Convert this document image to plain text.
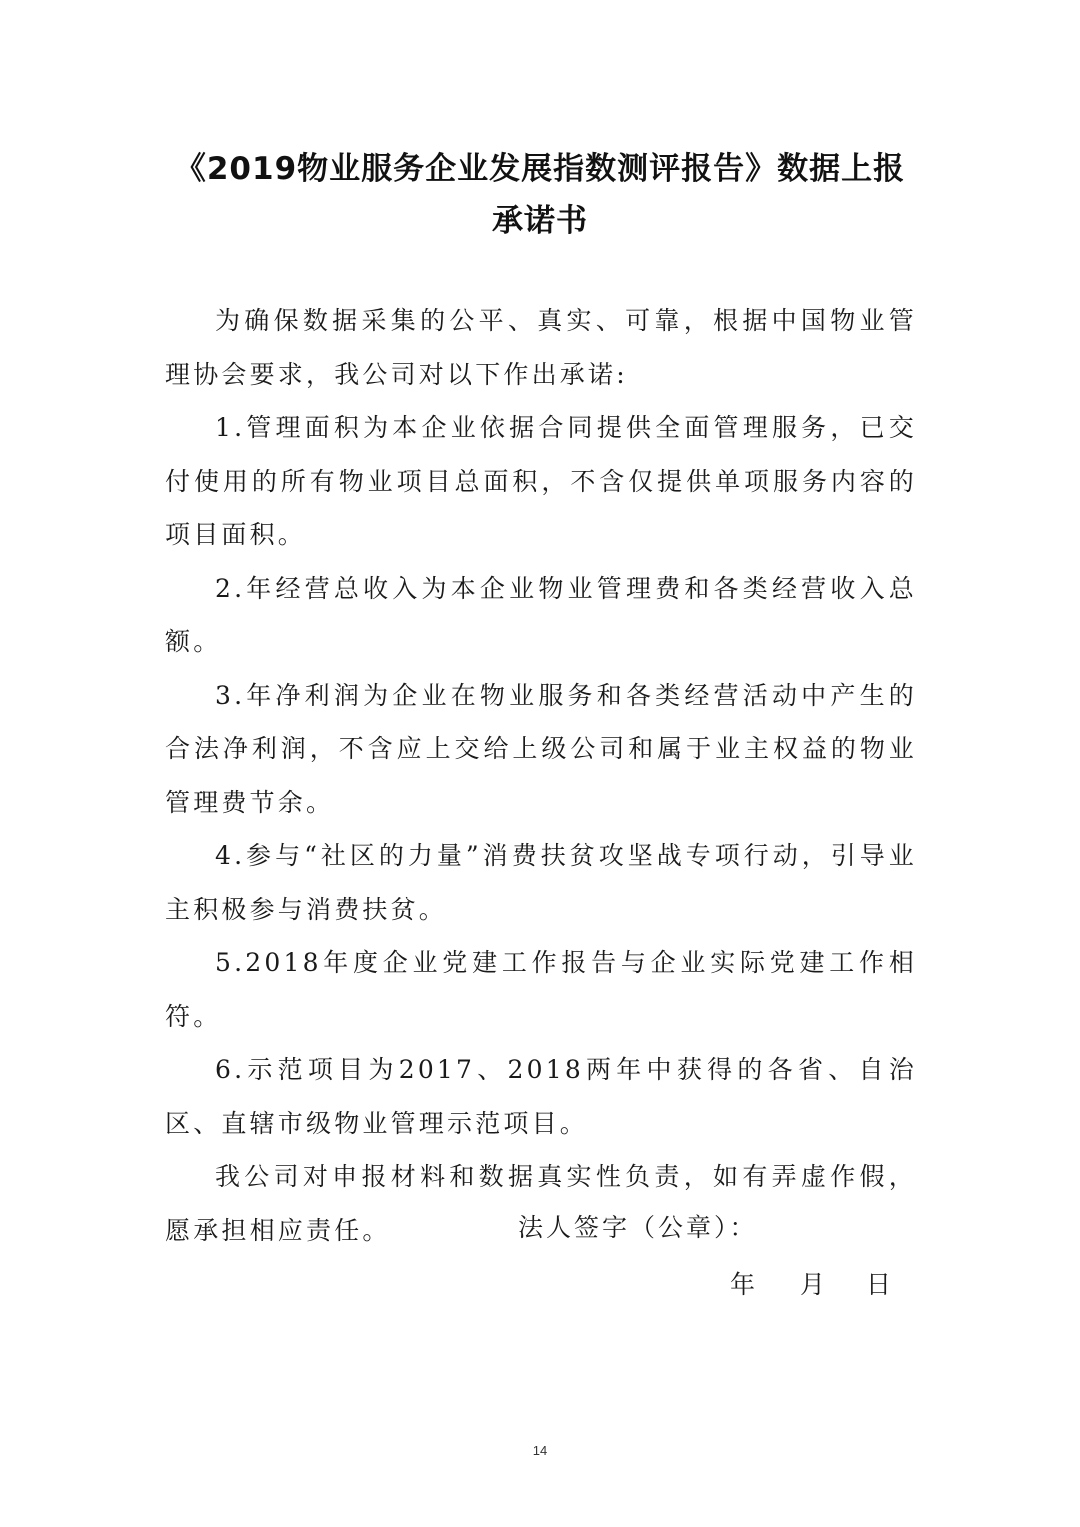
《2019物业服务企业发展指数测评报告》数据上报
承诺书

为确保数据采集的公平、真实、可靠，根据中国物业管理协会要求，我公司对以下作出承诺:

1.管理面积为本企业依据合同提供全面管理服务，已交付使用的所有物业项目总面积，不含仅提供单项服务内容的项目面积。

2.年经营总收入为本企业物业管理费和各类经营收入总额。

3.年净利润为企业在物业服务和各类经营活动中产生的合法净利润，不含应上交给上级公司和属于业主权益的物业管理费节余。

4.参与“社区的力量”消费扶贫攻坚战专项行动，引导业主积极参与消费扶贫。

5.2018年度企业党建工作报告与企业实际党建工作相符。

6.示范项目为2017、2018两年中获得的各省、自治区、直辖市级物业管理示范项目。

我公司对申报材料和数据真实性负责，如有弄虚作假，愿承担相应责任。	法人签字（公章）：
年 月 日
14
